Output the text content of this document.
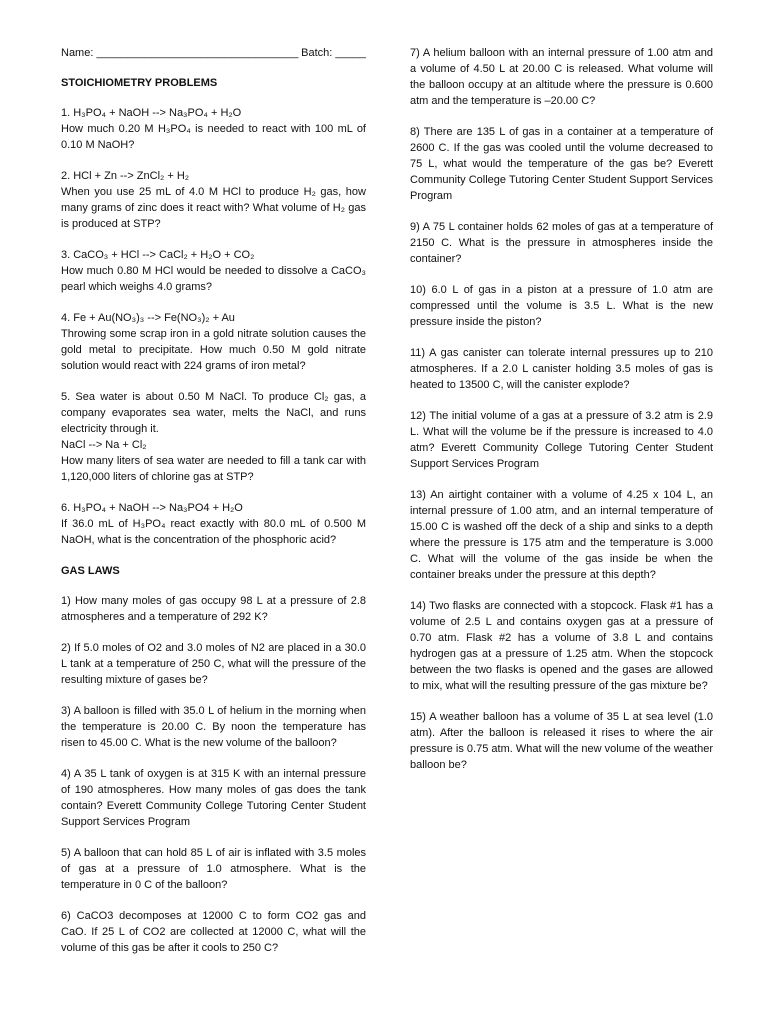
Name: _________________________________ Batch: _____
STOICHIOMETRY PROBLEMS

1. H₃PO₄ + NaOH --> Na₃PO₄ + H₂O

How much 0.20 M H₃PO₄ is needed to react with 100 mL of 0.10 M NaOH?

2. HCl + Zn --> ZnCl₂ + H₂

When you use 25 mL of 4.0 M HCl to produce H₂ gas, how many grams of zinc does it react with? What volume of H₂ gas is produced at STP?

3. CaCO₃ + HCl --> CaCl₂ + H₂O + CO₂

How much 0.80 M HCl would be needed to dissolve a CaCO₃ pearl which weighs 4.0 grams?

4. Fe + Au(NO₃)₃ --> Fe(NO₃)₂ + Au

Throwing some scrap iron in a gold nitrate solution causes the gold metal to precipitate. How much 0.50 M gold nitrate solution would react with 224 grams of iron metal?

5. Sea water is about 0.50 M NaCl. To produce Cl₂ gas, a company evaporates sea water, melts the NaCl, and runs electricity through it.

NaCl --> Na + Cl₂

How many liters of sea water are needed to fill a tank car with 1,120,000 liters of chlorine gas at STP?

6. H₃PO₄ + NaOH --> Na₃PO4 + H₂O

If 36.0 mL of H₃PO₄ react exactly with 80.0 mL of 0.500 M NaOH, what is the concentration of the phosphoric acid?

GAS LAWS

1) How many moles of gas occupy 98 L at a pressure of 2.8 atmospheres and a temperature of 292 K?

2) If 5.0 moles of O2 and 3.0 moles of N2 are placed in a 30.0 L tank at a temperature of 250 C, what will the pressure of the resulting mixture of gases be?

3) A balloon is filled with 35.0 L of helium in the morning when the temperature is 20.00 C. By noon the temperature has risen to 45.00 C. What is the new volume of the balloon?

4) A 35 L tank of oxygen is at 315 K with an internal pressure of 190 atmospheres. How many moles of gas does the tank contain? Everett Community College Tutoring Center Student Support Services Program

5) A balloon that can hold 85 L of air is inflated with 3.5 moles of gas at a pressure of 1.0 atmosphere. What is the temperature in 0 C of the balloon?

6) CaCO3 decomposes at 12000 C to form CO2 gas and CaO. If 25 L of CO2 are collected at 12000 C, what will the volume of this gas be after it cools to 250 C?

7) A helium balloon with an internal pressure of 1.00 atm and a volume of 4.50 L at 20.00 C is released. What volume will the balloon occupy at an altitude where the pressure is 0.600 atm and the temperature is –20.00 C?

8) There are 135 L of gas in a container at a temperature of 2600 C. If the gas was cooled until the volume decreased to 75 L, what would the temperature of the gas be? Everett Community College Tutoring Center Student Support Services Program

9) A 75 L container holds 62 moles of gas at a temperature of 2150 C. What is the pressure in atmospheres inside the container?

10) 6.0 L of gas in a piston at a pressure of 1.0 atm are compressed until the volume is 3.5 L. What is the new pressure inside the piston?

11) A gas canister can tolerate internal pressures up to 210 atmospheres. If a 2.0 L canister holding 3.5 moles of gas is heated to 13500 C, will the canister explode?

12) The initial volume of a gas at a pressure of 3.2 atm is 2.9 L. What will the volume be if the pressure is increased to 4.0 atm? Everett Community College Tutoring Center Student Support Services Program

13) An airtight container with a volume of 4.25 x 104 L, an internal pressure of 1.00 atm, and an internal temperature of 15.00 C is washed off the deck of a ship and sinks to a depth where the pressure is 175 atm and the temperature is 3.000 C. What will the volume of the gas inside be when the container breaks under the pressure at this depth?

14) Two flasks are connected with a stopcock. Flask #1 has a volume of 2.5 L and contains oxygen gas at a pressure of 0.70 atm. Flask #2 has a volume of 3.8 L and contains hydrogen gas at a pressure of 1.25 atm. When the stopcock between the two flasks is opened and the gases are allowed to mix, what will the resulting pressure of the gas mixture be?

15) A weather balloon has a volume of 35 L at sea level (1.0 atm). After the balloon is released it rises to where the air pressure is 0.75 atm. What will the new volume of the weather balloon be?
